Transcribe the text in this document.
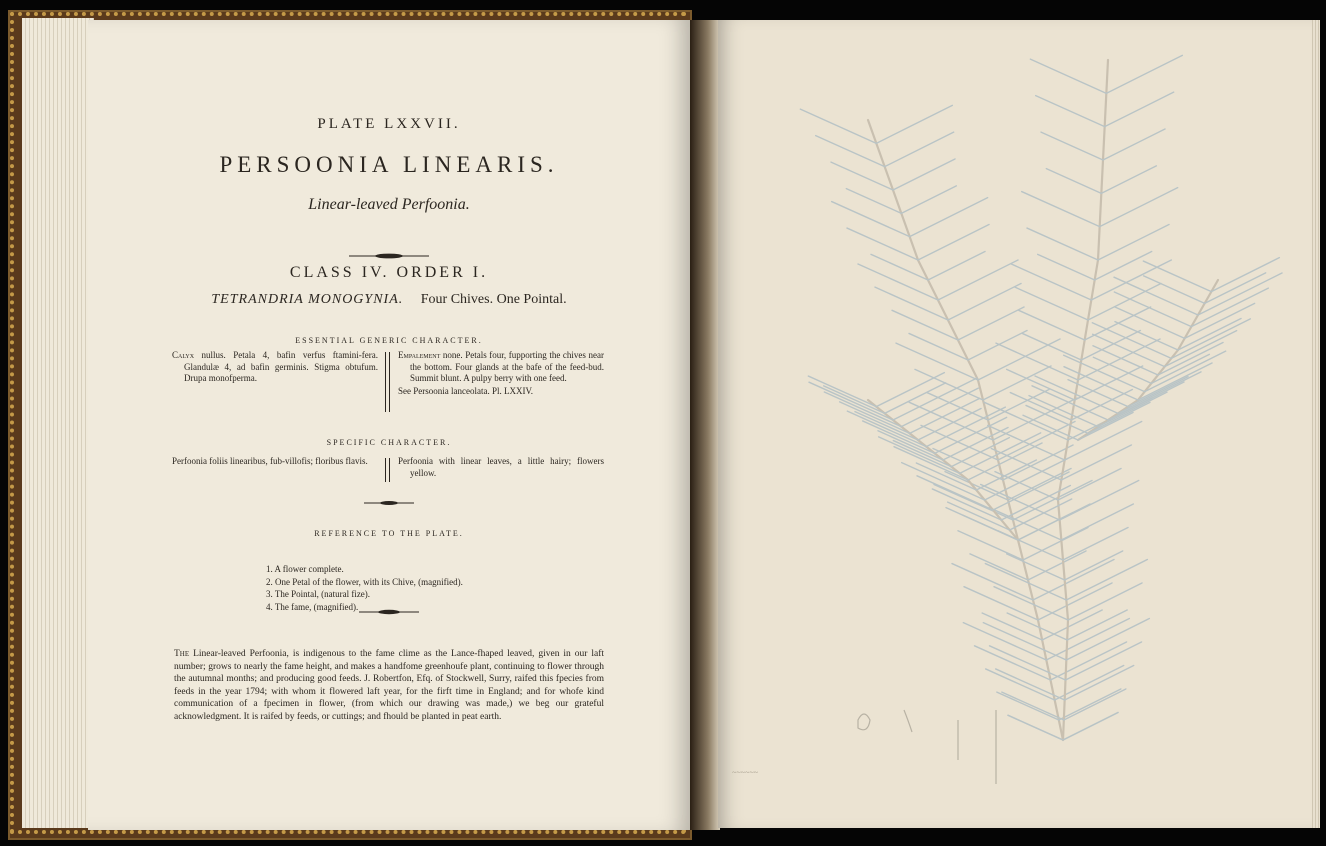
PLATE LXXVII.
PERSOONIA LINEARIS.
Linear-leaved Perfoonia.
CLASS IV. ORDER I.
TETRANDRIA MONOGYNIA. Four Chives. One Pointal.
ESSENTIAL GENERIC CHARACTER.

Calyx nullus. Petala 4, bafin verfus ftamini-fera. Glandulæ 4, ad bafin germinis. Stigma obtufum. Drupa monofperma.

Empalement none. Petals four, fupporting the chives near the bottom. Four glands at the bafe of the feed-bud. Summit blunt. A pulpy berry with one feed.

See Persoonia lanceolata. Pl. LXXIV.

SPECIFIC CHARACTER.

Perfoonia foliis linearibus, fub-villofis; floribus flavis.	Perfoonia with linear leaves, a little hairy; flowers yellow.

REFERENCE TO THE PLATE.
1. A flower complete.
2. One Petal of the flower, with its Chive, (magnified).
3. The Pointal, (natural fize).
4. The fame, (magnified).
The Linear-leaved Perfoonia, is indigenous to the fame clime as the Lance-fhaped leaved, given in our laft number; grows to nearly the fame height, and makes a handfome greenhoufe plant, continuing to flower through the autumnal months; and producing good feeds. J. Robertfon, Efq. of Stockwell, Surry, raifed this fpecies from feeds in the year 1794; with whom it flowered laft year, for the firft time in England; and for whofe kind communication of a fpecimen in flower, (from which our drawing was made,) we beg our grateful acknowledgment. It is raifed by feeds, or cuttings; and fhould be planted in peat earth.
~~~~~~
